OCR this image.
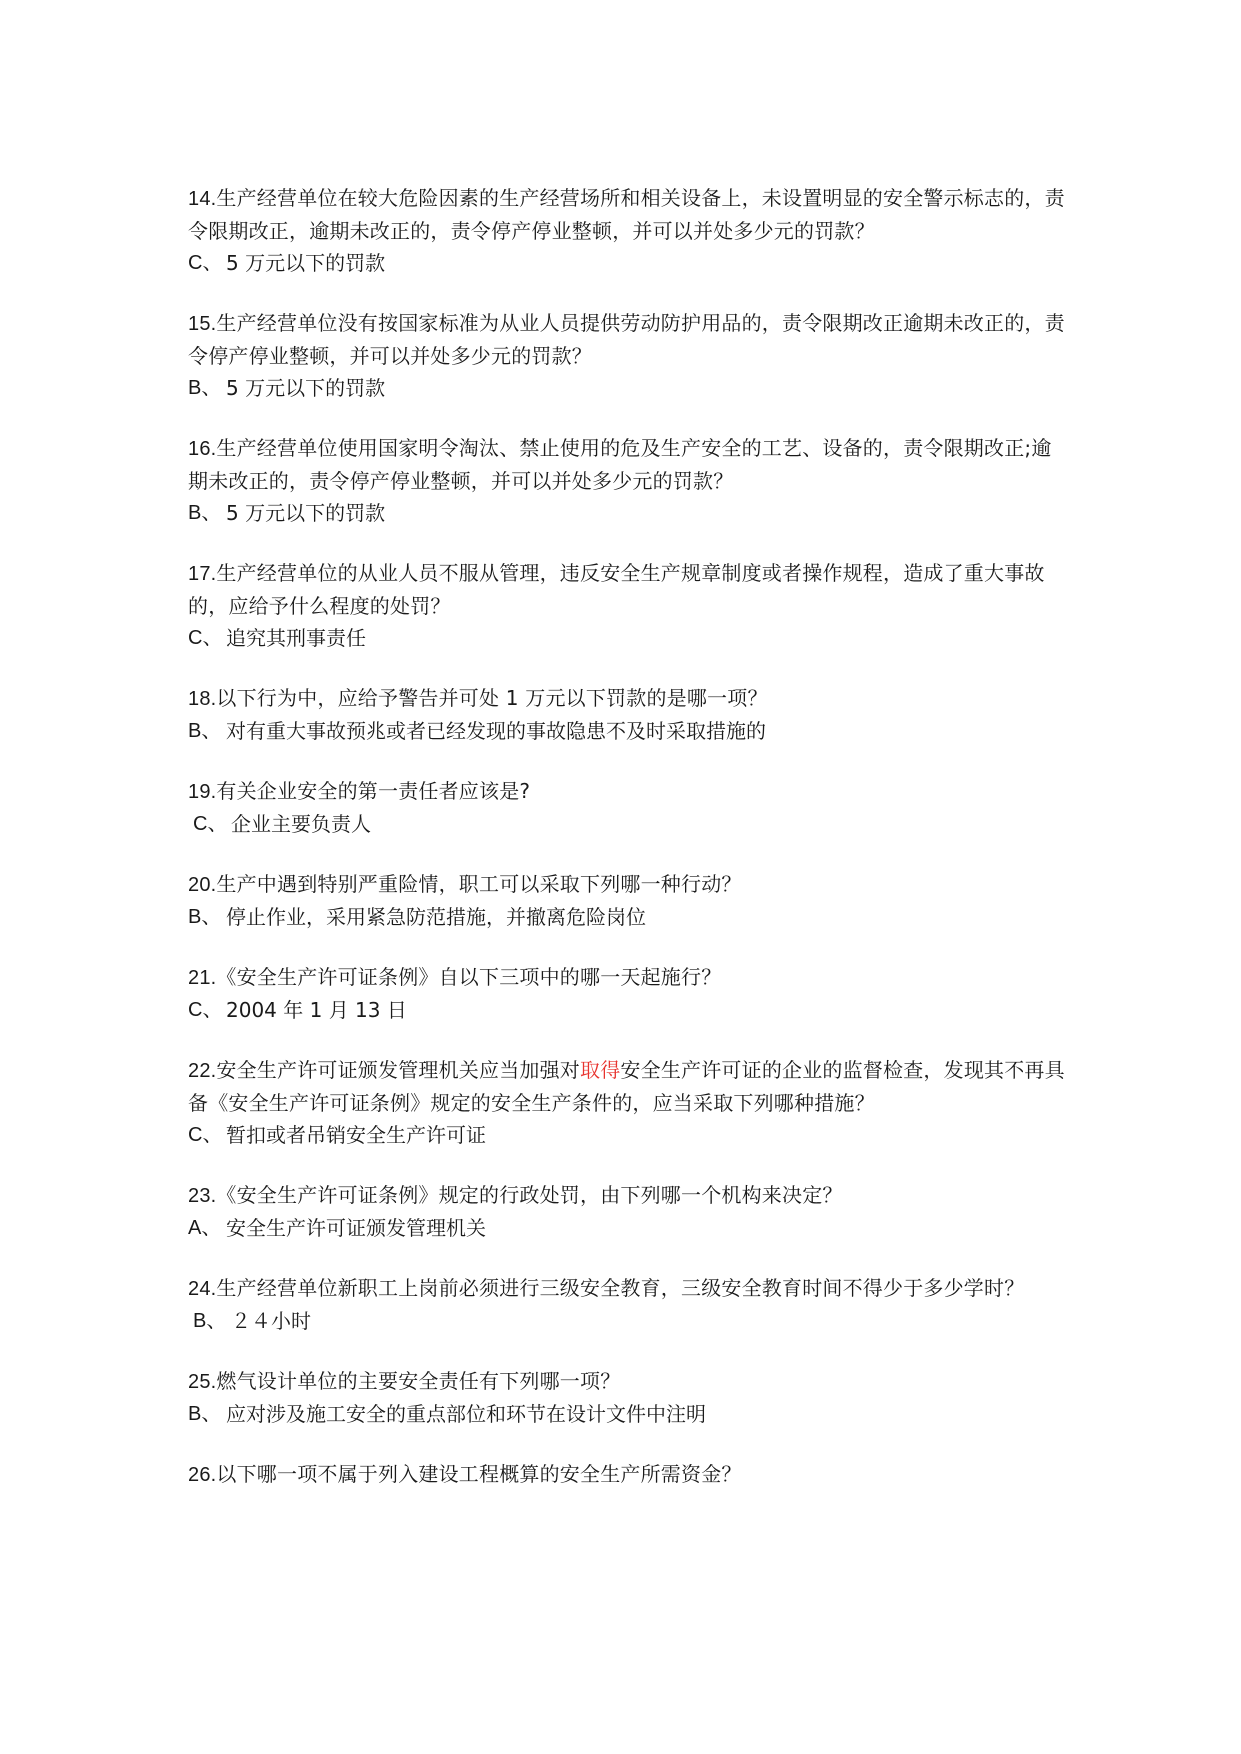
14.生产经营单位在较大危险因素的生产经营场所和相关设备上，未设置明显的安全警示标志的，责令限期改正，逾期未改正的，责令停产停业整顿，并可以并处多少元的罚款？

C、 5 万元以下的罚款

15.生产经营单位没有按国家标准为从业人员提供劳动防护用品的，责令限期改正逾期未改正的，责令停产停业整顿，并可以并处多少元的罚款？

B、 5 万元以下的罚款

16.生产经营单位使用国家明令淘汰、禁止使用的危及生产安全的工艺、设备的，责令限期改正;逾期未改正的，责令停产停业整顿，并可以并处多少元的罚款？

B、 5 万元以下的罚款

17.生产经营单位的从业人员不服从管理，违反安全生产规章制度或者操作规程，造成了重大事故的，应给予什么程度的处罚？

C、 追究其刑事责任

18.以下行为中，应给予警告并可处 1 万元以下罚款的是哪一项？

B、 对有重大事故预兆或者已经发现的事故隐患不及时采取措施的

19.有关企业安全的第一责任者应该是?

C、 企业主要负责人

20.生产中遇到特别严重险情，职工可以采取下列哪一种行动？

B、 停止作业，采用紧急防范措施，并撤离危险岗位

21.《安全生产许可证条例》自以下三项中的哪一天起施行？

C、 2004 年 1 月 13 日

22.安全生产许可证颁发管理机关应当加强对取得安全生产许可证的企业的监督检查，发现其不再具备《安全生产许可证条例》规定的安全生产条件的，应当采取下列哪种措施？

C、 暂扣或者吊销安全生产许可证

23.《安全生产许可证条例》规定的行政处罚，由下列哪一个机构来决定？

A、 安全生产许可证颁发管理机关

24.生产经营单位新职工上岗前必须进行三级安全教育，三级安全教育时间不得少于多少学时？

B、 ２４小时

25.燃气设计单位的主要安全责任有下列哪一项？

B、 应对涉及施工安全的重点部位和环节在设计文件中注明

26.以下哪一项不属于列入建设工程概算的安全生产所需资金？
